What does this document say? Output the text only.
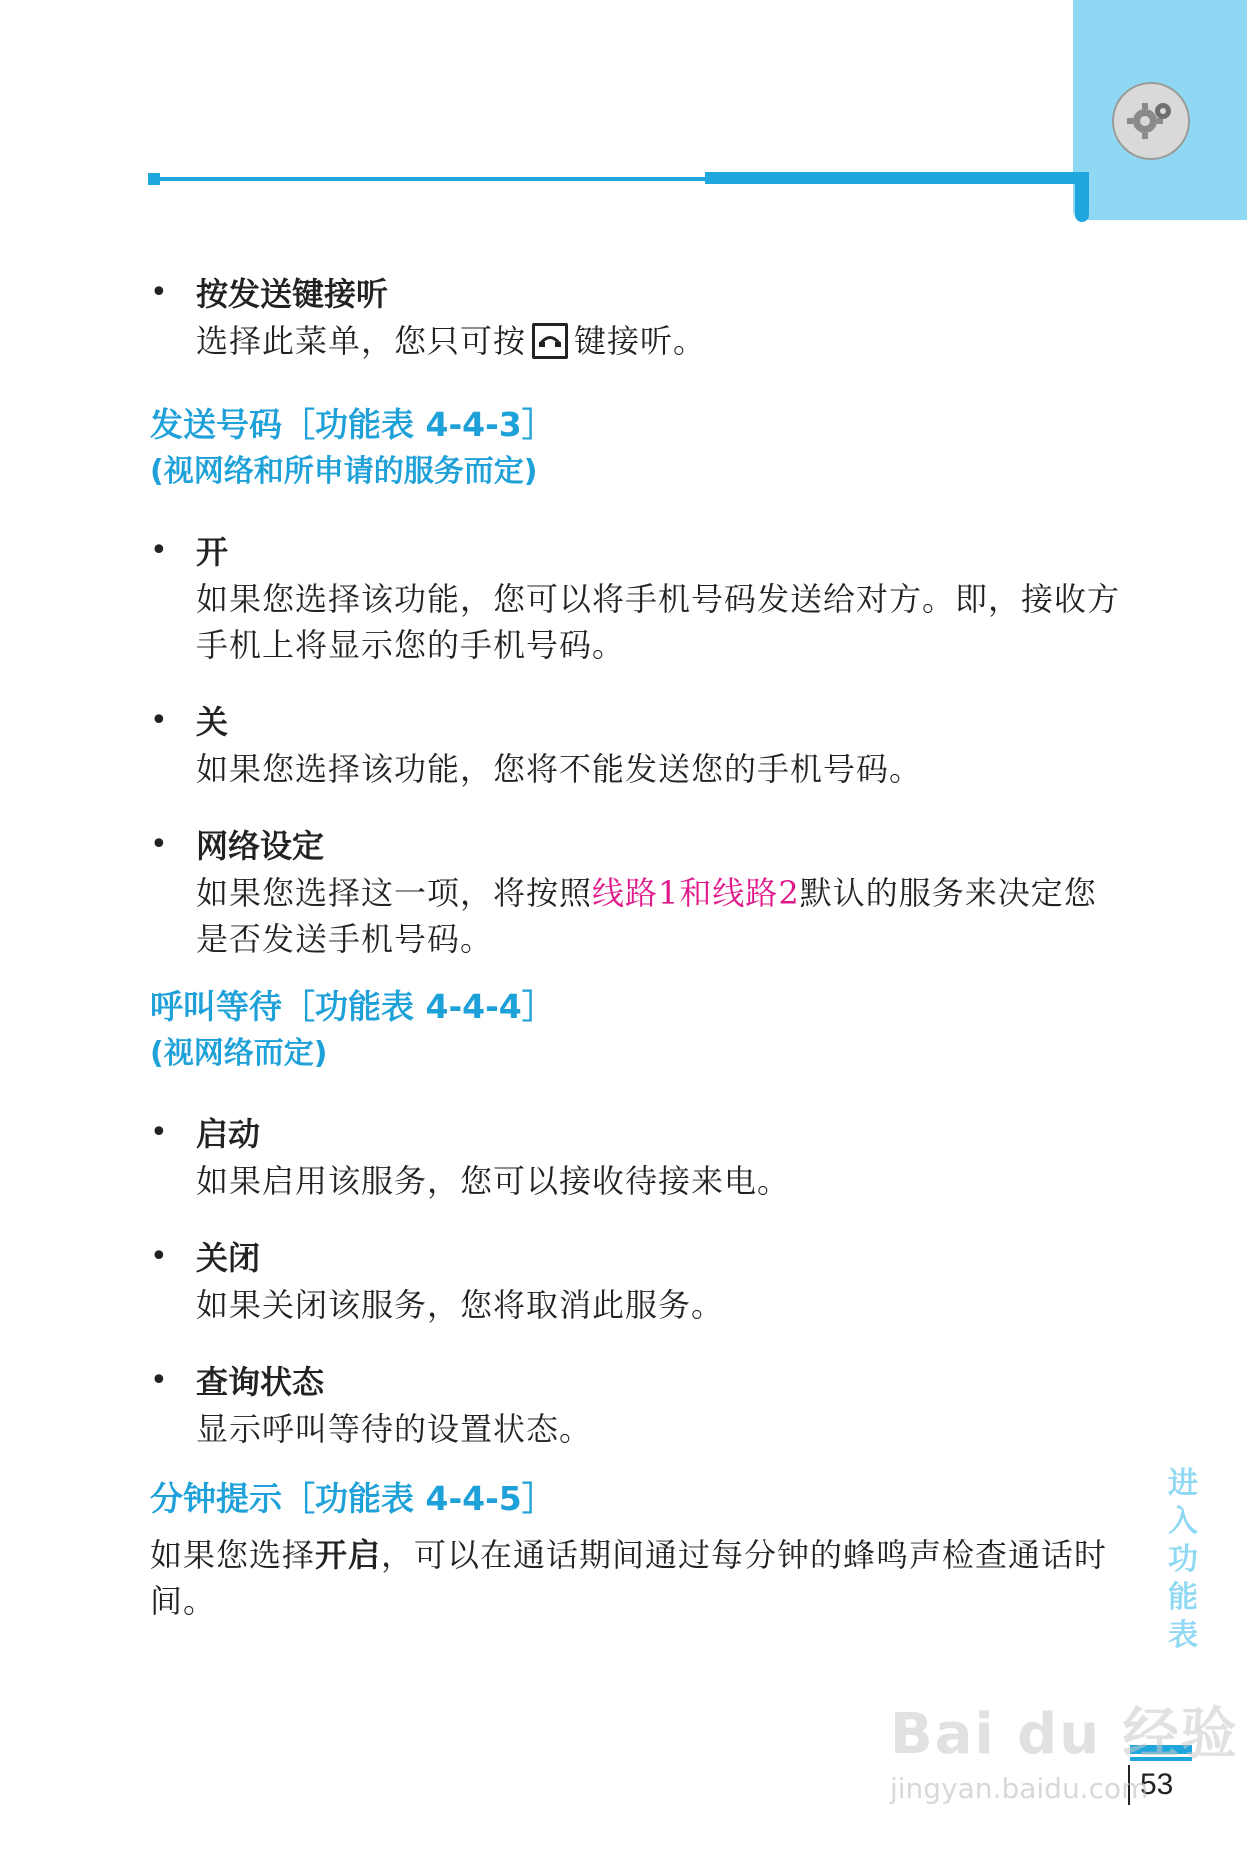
• 按发送键接听
选择此菜单，您只可按 键接听。
发送号码［功能表 4-4-3］
(视网络和所申请的服务而定)
• 开
如果您选择该功能，您可以将手机号码发送给对方。即，接收方手机上将显示您的手机号码。
• 关
如果您选择该功能，您将不能发送您的手机号码。
• 网络设定
如果您选择这一项，将按照线路1和线路2默认的服务来决定您是否发送手机号码。
呼叫等待［功能表 4-4-4］
(视网络而定)
• 启动
如果启用该服务，您可以接收待接来电。
• 关闭
如果关闭该服务，您将取消此服务。
• 查询状态
显示呼叫等待的设置状态。
分钟提示［功能表 4-4-5］
如果您选择开启，可以在通话期间通过每分钟的蜂鸣声检查通话时间。
进入功能表
53
Bai du 经验
jingyan.baidu.com
